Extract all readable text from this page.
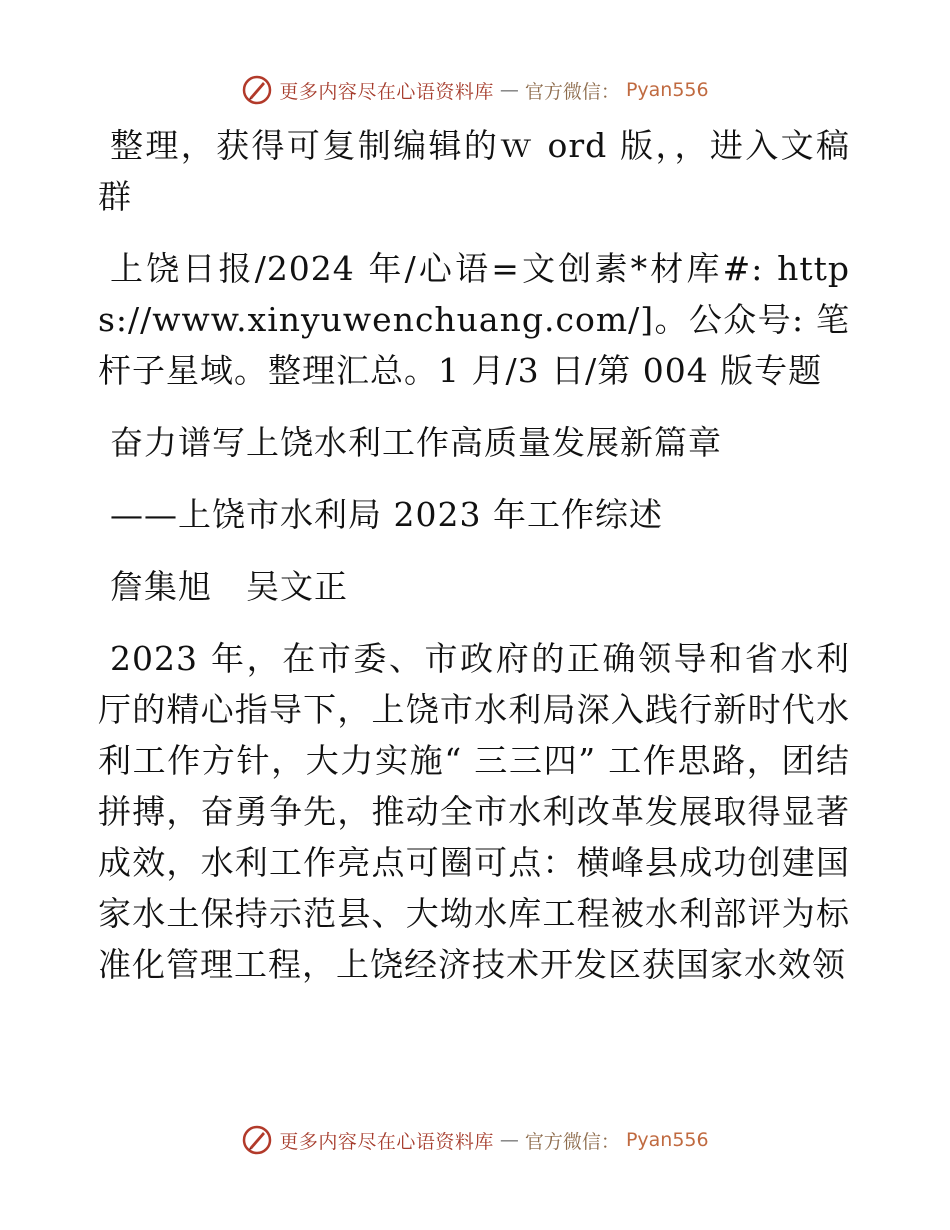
更多内容尽在心语资料库 — 官方微信： Pyan556

整理，获得可复制编辑的ｗ ord 版，，进入文稿群

上饶日报/2024 年/心语=文创素*材库#: https://www.xinyuwenchuang.com/]。公众号: 笔杆子星域。整理汇总。1 月/3 日/第 004 版专题

奋力谱写上饶水利工作高质量发展新篇章

——上饶市水利局 2023 年工作综述

詹集旭　吴文正

2023 年，在市委、市政府的正确领导和省水利厅的精心指导下，上饶市水利局深入践行新时代水利工作方针，大力实施“ 三三四” 工作思路，团结拼搏，奋勇争先，推动全市水利改革发展取得显著成效，水利工作亮点可圈可点：横峰县成功创建国家水土保持示范县、大坳水库工程被水利部评为标准化管理工程，上饶经济技术开发区获国家水效领

更多内容尽在心语资料库 — 官方微信： Pyan556
